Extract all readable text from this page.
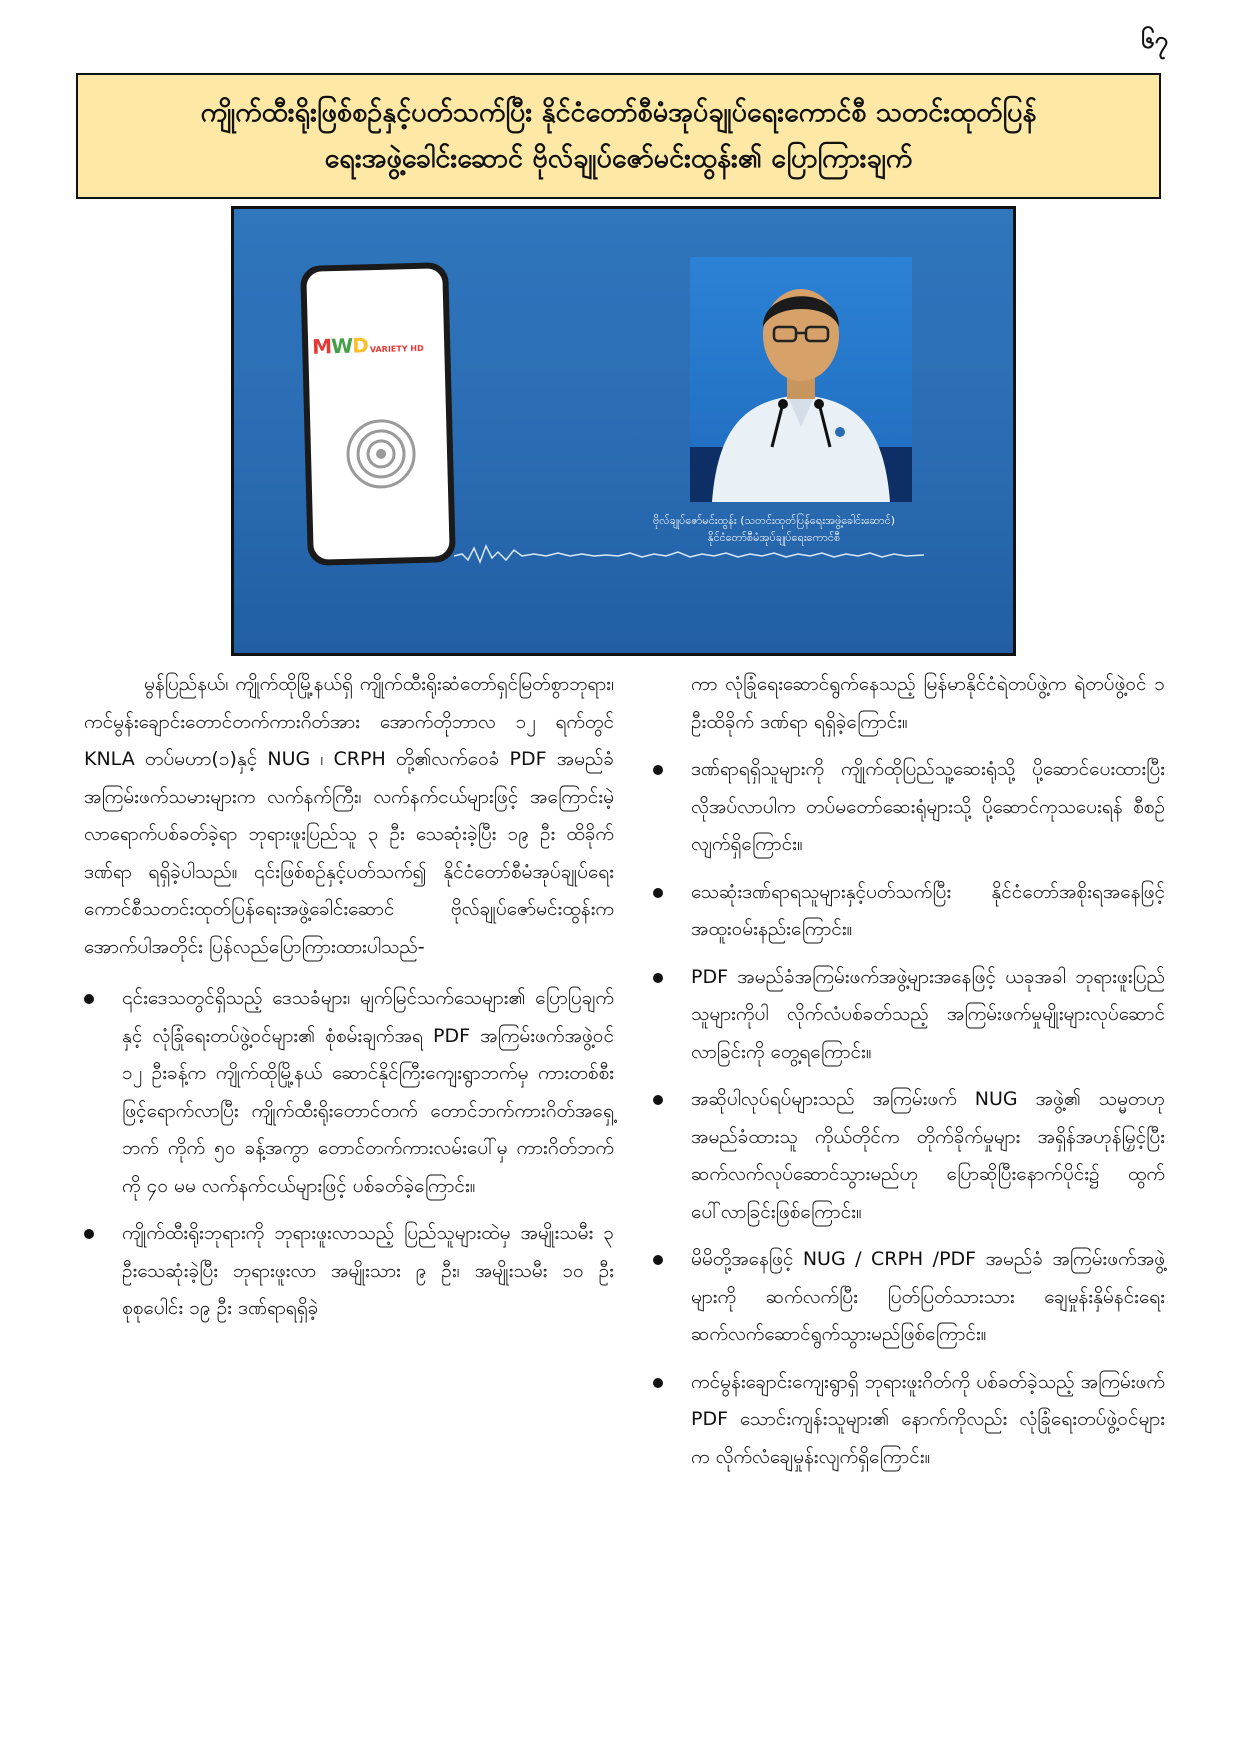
၆၇
ကျိုက်ထီးရိုးဖြစ်စဉ်နှင့်ပတ်သက်ပြီး နိုင်ငံတော်စီမံအုပ်ချုပ်ရေးကောင်စီ သတင်းထုတ်ပြန်
ရေးအဖွဲ့ခေါင်းဆောင် ဗိုလ်ချုပ်ဇော်မင်းထွန်း၏ ပြောကြားချက်
MWD VARIETY HD
ဗိုလ်ချုပ်ဇော်မင်းထွန်း (သတင်းထုတ်ပြန်ရေးအဖွဲ့ခေါင်းဆောင်)
နိုင်ငံတော်စီမံအုပ်ချုပ်ရေးကောင်စီ

မွန်ပြည်နယ်၊ ကျိုက်ထိုမြို့နယ်ရှိ ကျိုက်ထီးရိုးဆံတော်ရှင်မြတ်စွာဘုရား၊ ကင်မွန်းချောင်းတောင်တက်ကားဂိတ်အား အောက်တိုဘာလ ၁၂ ရက်တွင် KNLA တပ်မဟာ(၁)နှင့် NUG ၊ CRPH တို့၏လက်ဝေခံ PDF အမည်ခံအကြမ်းဖက်သမားများက လက်နက်ကြီး၊ လက်နက်ငယ်များဖြင့် အကြောင်းမဲ့လာရောက်ပစ်ခတ်ခဲ့ရာ ဘုရားဖူးပြည်သူ ၃ ဦး သေဆုံးခဲ့ပြီး ၁၉ ဦး ထိခိုက်ဒဏ်ရာ ရရှိခဲ့ပါသည်။ ၎င်းဖြစ်စဉ်နှင့်ပတ်သက်၍ နိုင်ငံတော်စီမံအုပ်ချုပ်ရေးကောင်စီသတင်းထုတ်ပြန်ရေးအဖွဲ့ခေါင်းဆောင် ဗိုလ်ချုပ်ဇော်မင်းထွန်းက အောက်ပါအတိုင်း ပြန်လည်ပြောကြားထားပါသည်-

၎င်းဒေသတွင်ရှိသည့် ဒေသခံများ၊ မျက်မြင်သက်သေများ၏ ပြောပြချက်နှင့် လုံခြုံရေးတပ်ဖွဲ့ဝင်များ၏ စုံစမ်းချက်အရ PDF အကြမ်းဖက်အဖွဲ့ဝင် ၁၂ ဦးခန့်က ကျိုက်ထိုမြို့နယ် ဆောင်နိုင်ကြီးကျေးရွာဘက်မှ ကားတစ်စီးဖြင့်ရောက်လာပြီး ကျိုက်ထီးရိုးတောင်တက် တောင်ဘက်ကားဂိတ်အရှေ့ဘက် ကိုက် ၅၀ ခန့်အကွာ တောင်တက်ကားလမ်းပေါ်မှ ကားဂိတ်ဘက်ကို ၄၀ မမ လက်နက်ငယ်များဖြင့် ပစ်ခတ်ခဲ့ကြောင်း။
ကျိုက်ထီးရိုးဘုရားကို ဘုရားဖူးလာသည့် ပြည်သူများထဲမှ အမျိုးသမီး ၃ ဦးသေဆုံးခဲ့ပြီး ဘုရားဖူးလာ အမျိုးသား ၉ ဦး၊ အမျိုးသမီး ၁၀ ဦး စုစုပေါင်း ၁၉ ဦး ဒဏ်ရာရရှိခဲ့
ကာ လုံခြုံရေးဆောင်ရွက်နေသည့် မြန်မာနိုင်ငံရဲတပ်ဖွဲ့က ရဲတပ်ဖွဲ့ဝင် ၁ ဦးထိခိုက် ဒဏ်ရာ ရရှိခဲ့ကြောင်း။
ဒဏ်ရာရရှိသူများကို ကျိုက်ထိုပြည်သူ့ဆေးရုံသို့ ပို့ဆောင်ပေးထားပြီး လိုအပ်လာပါက တပ်မတော်ဆေးရုံများသို့ ပို့ဆောင်ကုသပေးရန် စီစဉ်လျက်ရှိကြောင်း။
သေဆုံးဒဏ်ရာရသူများနှင့်ပတ်သက်ပြီး နိုင်ငံတော်အစိုးရအနေဖြင့် အထူးဝမ်းနည်းကြောင်း။
PDF အမည်ခံအကြမ်းဖက်အဖွဲ့များအနေဖြင့် ယခုအခါ ဘုရားဖူးပြည်သူများကိုပါ လိုက်လံပစ်ခတ်သည့် အကြမ်းဖက်မှုမျိုးများလုပ်ဆောင်လာခြင်းကို တွေ့ရကြောင်း။
အဆိုပါလုပ်ရပ်များသည် အကြမ်းဖက် NUG အဖွဲ့၏ သမ္မတဟု အမည်ခံထားသူ ကိုယ်တိုင်က တိုက်ခိုက်မှုများ အရှိန်အဟုန်မြှင့်ပြီး ဆက်လက်လုပ်ဆောင်သွားမည်ဟု ပြောဆိုပြီးနောက်ပိုင်း၌ ထွက်ပေါ်လာခြင်းဖြစ်ကြောင်း။
မိမိတို့အနေဖြင့် NUG / CRPH /PDF အမည်ခံ အကြမ်းဖက်အဖွဲ့များကို ဆက်လက်ပြီး ပြတ်ပြတ်သားသား ချေမှုန်းနှိမ်နင်းရေး ဆက်လက်ဆောင်ရွက်သွားမည်ဖြစ်ကြောင်း။
ကင်မွန်းချောင်းကျေးရွာရှိ ဘုရားဖူးဂိတ်ကို ပစ်ခတ်ခဲ့သည့် အကြမ်းဖက် PDF သောင်းကျန်းသူများ၏ နောက်ကိုလည်း လုံခြုံရေးတပ်ဖွဲ့ဝင်များက လိုက်လံချေမှုန်းလျက်ရှိကြောင်း။
